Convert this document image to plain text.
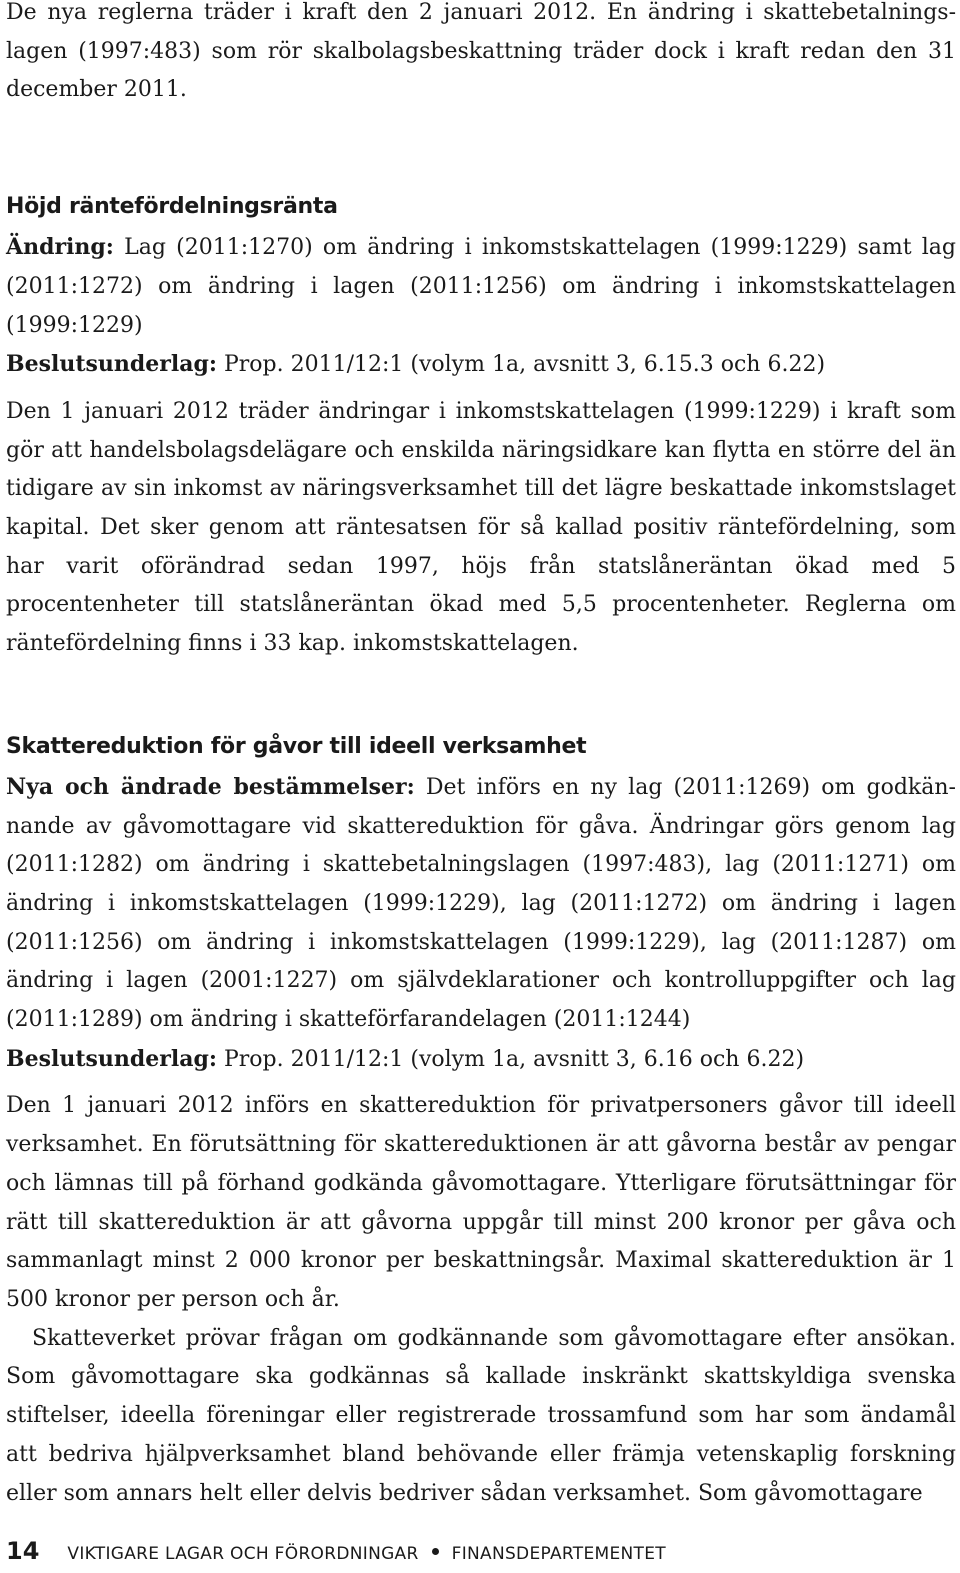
De nya reglerna träder i kraft den 2 januari 2012. En ändring i skattebetalningslagen (1997:483) som rör skalbolagsbeskattning träder dock i kraft redan den 31 december 2011.

Höjd räntefördelningsränta

Ändring: Lag (2011:1270) om ändring i inkomstskattelagen (1999:1229) samt lag (2011:1272) om ändring i lagen (2011:1256) om ändring i inkomstskattelagen (1999:1229)

Beslutsunderlag: Prop. 2011/12:1 (volym 1a, avsnitt 3, 6.15.3 och 6.22)

Den 1 januari 2012 träder ändringar i inkomstskattelagen (1999:1229) i kraft som gör att handelsbolagsdelägare och enskilda näringsidkare kan flytta en större del än tidigare av sin inkomst av näringsverksamhet till det lägre beskattade inkomstslaget kapital. Det sker genom att räntesatsen för så kallad positiv räntefördelning, som har varit oförändrad sedan 1997, höjs från statslåneräntan ökad med 5 procentenheter till statslåneräntan ökad med 5,5 procentenheter. Reglerna om räntefördelning finns i 33 kap. inkomstskattelagen.

Skattereduktion för gåvor till ideell verksamhet

Nya och ändrade bestämmelser: Det införs en ny lag (2011:1269) om godkännande av gåvomottagare vid skattereduktion för gåva. Ändringar görs genom lag (2011:1282) om ändring i skattebetalningslagen (1997:483), lag (2011:1271) om ändring i inkomstskattelagen (1999:1229), lag (2011:1272) om ändring i lagen (2011:1256) om ändring i inkomstskattelagen (1999:1229), lag (2011:1287) om ändring i lagen (2001:1227) om självdeklarationer och kontrolluppgifter och lag (2011:1289) om ändring i skatteförfarandelagen (2011:1244)

Beslutsunderlag: Prop. 2011/12:1 (volym 1a, avsnitt 3, 6.16 och 6.22)

Den 1 januari 2012 införs en skattereduktion för privatpersoners gåvor till ideell verksamhet. En förutsättning för skattereduktionen är att gåvorna består av pengar och lämnas till på förhand godkända gåvomottagare. Ytterligare förutsättningar för rätt till skattereduktion är att gåvorna uppgår till minst 200 kronor per gåva och sammanlagt minst 2 000 kronor per beskattningsår. Maximal skattereduktion är 1 500 kronor per person och år.

Skatteverket prövar frågan om godkännande som gåvomottagare efter ansökan. Som gåvomottagare ska godkännas så kallade inskränkt skattskyldiga svenska stiftelser, ideella föreningar eller registrerade trossamfund som har som ändamål att bedriva hjälpverksamhet bland behövande eller främja vetenskaplig forskning eller som annars helt eller delvis bedriver sådan verksamhet. Som gåvomottagare

14 VIKTIGARE LAGAR OCH FÖRORDNINGAR FINANSDEPARTEMENTET
